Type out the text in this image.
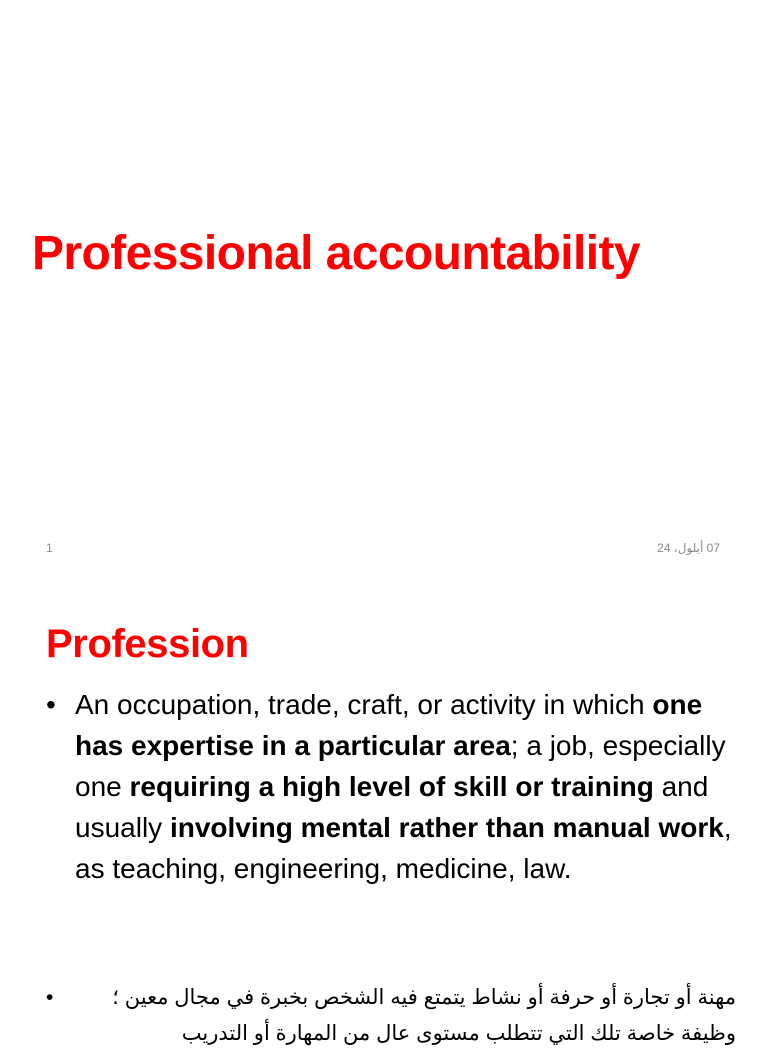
Professional accountability
1	07 أيلول، 24
Profession
• An occupation, trade, craft, or activity in which one has expertise in a particular area; a job, especially one requiring a high level of skill or training and usually involving mental rather than manual work, as teaching, engineering, medicine, law.
•	مهنة أو تجارة أو حرفة أو نشاط يتمتع فيه الشخص بخبرة في مجال معين ؛ وظيفة خاصة تلك التي تتطلب مستوى عال من المهارة أو التدريب
